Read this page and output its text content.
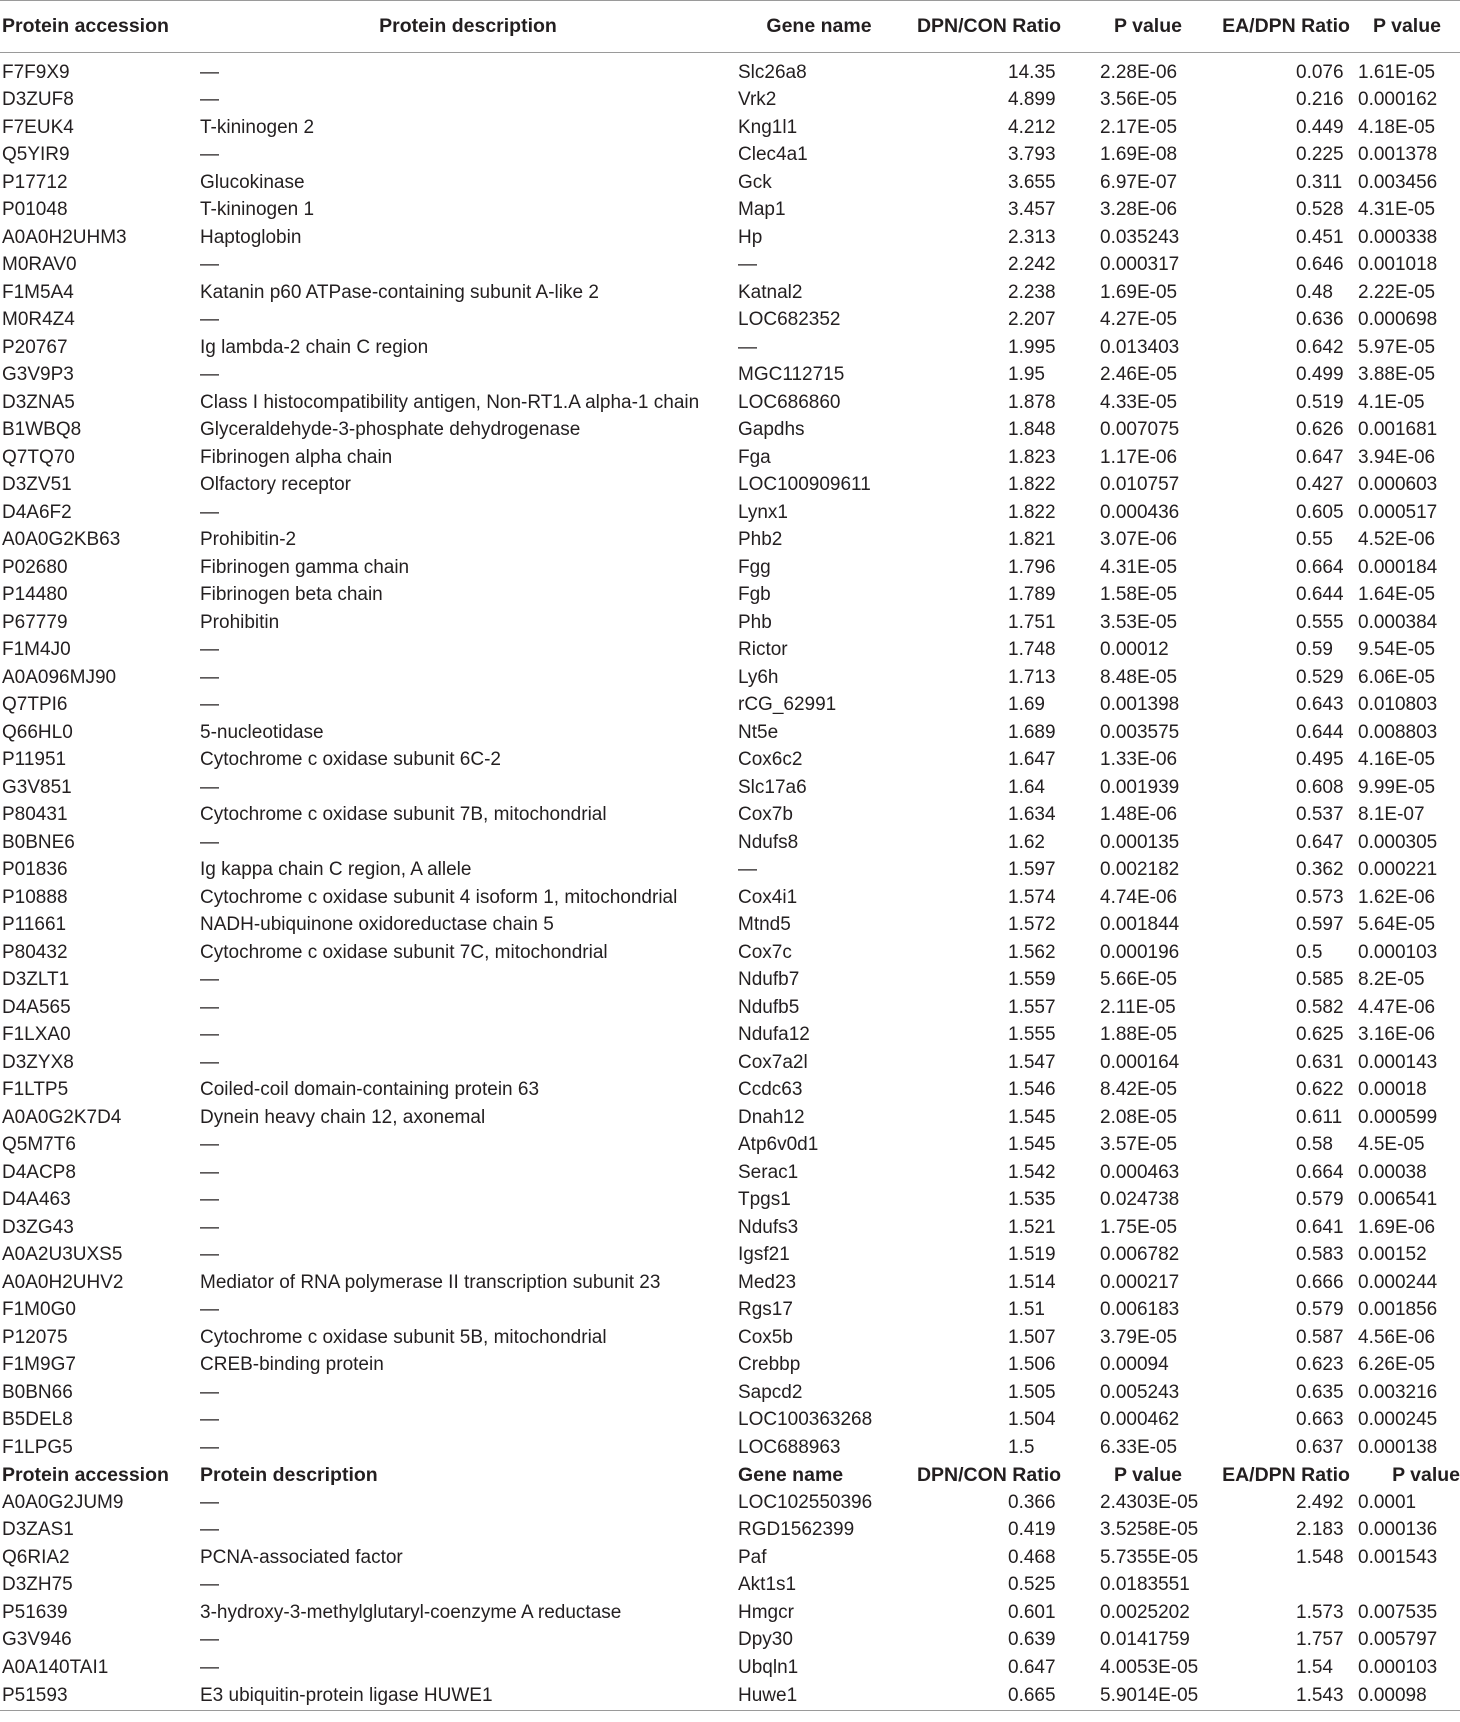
Protein accession	Protein description	Gene name	DPN/CON Ratio	P value	EA/DPN Ratio	P value

F7F9X9	—	Slc26a8	14.35	2.28E-06	0.076	1.61E-05
D3ZUF8	—	Vrk2	4.899	3.56E-05	0.216	0.000162
F7EUK4	T-kininogen 2	Kng1l1	4.212	2.17E-05	0.449	4.18E-05
Q5YIR9	—	Clec4a1	3.793	1.69E-08	0.225	0.001378
P17712	Glucokinase	Gck	3.655	6.97E-07	0.311	0.003456
P01048	T-kininogen 1	Map1	3.457	3.28E-06	0.528	4.31E-05
A0A0H2UHM3	Haptoglobin	Hp	2.313	0.035243	0.451	0.000338
M0RAV0	—	—	2.242	0.000317	0.646	0.001018
F1M5A4	Katanin p60 ATPase-containing subunit A-like 2	Katnal2	2.238	1.69E-05	0.48	2.22E-05
M0R4Z4	—	LOC682352	2.207	4.27E-05	0.636	0.000698
P20767	Ig lambda-2 chain C region	—	1.995	0.013403	0.642	5.97E-05
G3V9P3	—	MGC112715	1.95	2.46E-05	0.499	3.88E-05
D3ZNA5	Class I histocompatibility antigen, Non-RT1.A alpha-1 chain	LOC686860	1.878	4.33E-05	0.519	4.1E-05
B1WBQ8	Glyceraldehyde-3-phosphate dehydrogenase	Gapdhs	1.848	0.007075	0.626	0.001681
Q7TQ70	Fibrinogen alpha chain	Fga	1.823	1.17E-06	0.647	3.94E-06
D3ZV51	Olfactory receptor	LOC100909611	1.822	0.010757	0.427	0.000603
D4A6F2	—	Lynx1	1.822	0.000436	0.605	0.000517
A0A0G2KB63	Prohibitin-2	Phb2	1.821	3.07E-06	0.55	4.52E-06
P02680	Fibrinogen gamma chain	Fgg	1.796	4.31E-05	0.664	0.000184
P14480	Fibrinogen beta chain	Fgb	1.789	1.58E-05	0.644	1.64E-05
P67779	Prohibitin	Phb	1.751	3.53E-05	0.555	0.000384
F1M4J0	—	Rictor	1.748	0.00012	0.59	9.54E-05
A0A096MJ90	—	Ly6h	1.713	8.48E-05	0.529	6.06E-05
Q7TPI6	—	rCG_62991	1.69	0.001398	0.643	0.010803
Q66HL0	5-nucleotidase	Nt5e	1.689	0.003575	0.644	0.008803
P11951	Cytochrome c oxidase subunit 6C-2	Cox6c2	1.647	1.33E-06	0.495	4.16E-05
G3V851	—	Slc17a6	1.64	0.001939	0.608	9.99E-05
P80431	Cytochrome c oxidase subunit 7B, mitochondrial	Cox7b	1.634	1.48E-06	0.537	8.1E-07
B0BNE6	—	Ndufs8	1.62	0.000135	0.647	0.000305
P01836	Ig kappa chain C region, A allele	—	1.597	0.002182	0.362	0.000221
P10888	Cytochrome c oxidase subunit 4 isoform 1, mitochondrial	Cox4i1	1.574	4.74E-06	0.573	1.62E-06
P11661	NADH-ubiquinone oxidoreductase chain 5	Mtnd5	1.572	0.001844	0.597	5.64E-05
P80432	Cytochrome c oxidase subunit 7C, mitochondrial	Cox7c	1.562	0.000196	0.5	0.000103
D3ZLT1	—	Ndufb7	1.559	5.66E-05	0.585	8.2E-05
D4A565	—	Ndufb5	1.557	2.11E-05	0.582	4.47E-06
F1LXA0	—	Ndufa12	1.555	1.88E-05	0.625	3.16E-06
D3ZYX8	—	Cox7a2l	1.547	0.000164	0.631	0.000143
F1LTP5	Coiled-coil domain-containing protein 63	Ccdc63	1.546	8.42E-05	0.622	0.00018
A0A0G2K7D4	Dynein heavy chain 12, axonemal	Dnah12	1.545	2.08E-05	0.611	0.000599
Q5M7T6	—	Atp6v0d1	1.545	3.57E-05	0.58	4.5E-05
D4ACP8	—	Serac1	1.542	0.000463	0.664	0.00038
D4A463	—	Tpgs1	1.535	0.024738	0.579	0.006541
D3ZG43	—	Ndufs3	1.521	1.75E-05	0.641	1.69E-06
A0A2U3UXS5	—	Igsf21	1.519	0.006782	0.583	0.00152
A0A0H2UHV2	Mediator of RNA polymerase II transcription subunit 23	Med23	1.514	0.000217	0.666	0.000244
F1M0G0	—	Rgs17	1.51	0.006183	0.579	0.001856
P12075	Cytochrome c oxidase subunit 5B, mitochondrial	Cox5b	1.507	3.79E-05	0.587	4.56E-06
F1M9G7	CREB-binding protein	Crebbp	1.506	0.00094	0.623	6.26E-05
B0BN66	—	Sapcd2	1.505	0.005243	0.635	0.003216
B5DEL8	—	LOC100363268	1.504	0.000462	0.663	0.000245
F1LPG5	—	LOC688963	1.5	6.33E-05	0.637	0.000138
Protein accession	Protein description	Gene name	DPN/CON Ratio	P value	EA/DPN Ratio	P value
A0A0G2JUM9	—	LOC102550396	0.366	2.4303E-05	2.492	0.0001
D3ZAS1	—	RGD1562399	0.419	3.5258E-05	2.183	0.000136
Q6RIA2	PCNA-associated factor	Paf	0.468	5.7355E-05	1.548	0.001543
D3ZH75	—	Akt1s1	0.525	0.0183551		
P51639	3-hydroxy-3-methylglutaryl-coenzyme A reductase	Hmgcr	0.601	0.0025202	1.573	0.007535
G3V946	—	Dpy30	0.639	0.0141759	1.757	0.005797
A0A140TAI1	—	Ubqln1	0.647	4.0053E-05	1.54	0.000103
P51593	E3 ubiquitin-protein ligase HUWE1	Huwe1	0.665	5.9014E-05	1.543	0.00098
